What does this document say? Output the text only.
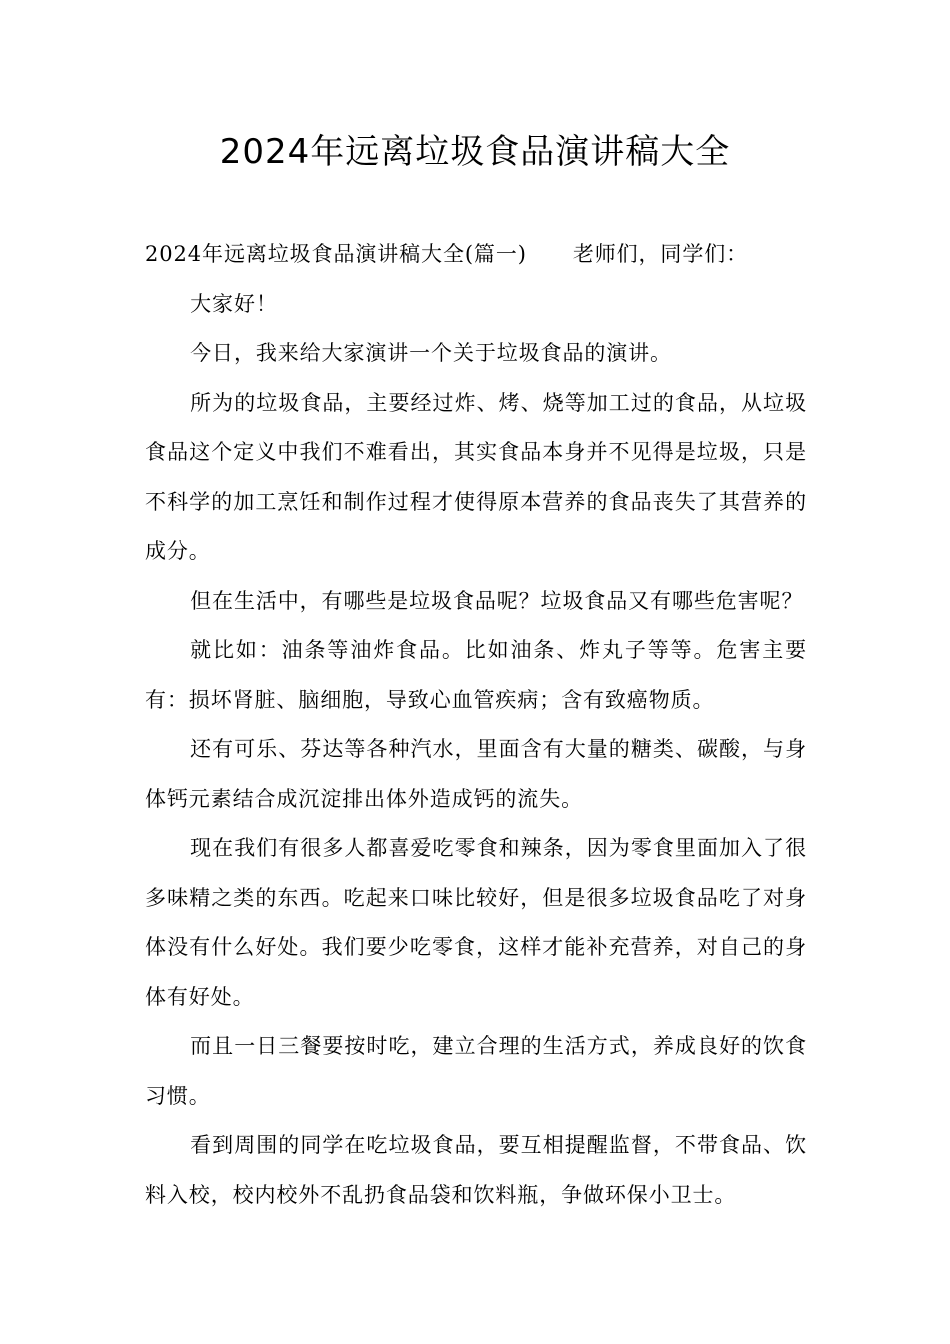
2024年远离垃圾食品演讲稿大全

2024年远离垃圾食品演讲稿大全(篇一) 老师们，同学们：

大家好！

今日，我来给大家演讲一个关于垃圾食品的演讲。

所为的垃圾食品，主要经过炸、烤、烧等加工过的食品，从垃圾食品这个定义中我们不难看出，其实食品本身并不见得是垃圾，只是不科学的加工烹饪和制作过程才使得原本营养的食品丧失了其营养的成分。

但在生活中，有哪些是垃圾食品呢？垃圾食品又有哪些危害呢？

就比如：油条等油炸食品。比如油条、炸丸子等等。危害主要有：损坏肾脏、脑细胞，导致心血管疾病；含有致癌物质。

还有可乐、芬达等各种汽水，里面含有大量的糖类、碳酸，与身体钙元素结合成沉淀排出体外造成钙的流失。

现在我们有很多人都喜爱吃零食和辣条，因为零食里面加入了很多味精之类的东西。吃起来口味比较好，但是很多垃圾食品吃了对身体没有什么好处。我们要少吃零食，这样才能补充营养，对自己的身体有好处。

而且一日三餐要按时吃，建立合理的生活方式，养成良好的饮食习惯。

看到周围的同学在吃垃圾食品，要互相提醒监督，不带食品、饮料入校，校内校外不乱扔食品袋和饮料瓶，争做环保小卫士。
